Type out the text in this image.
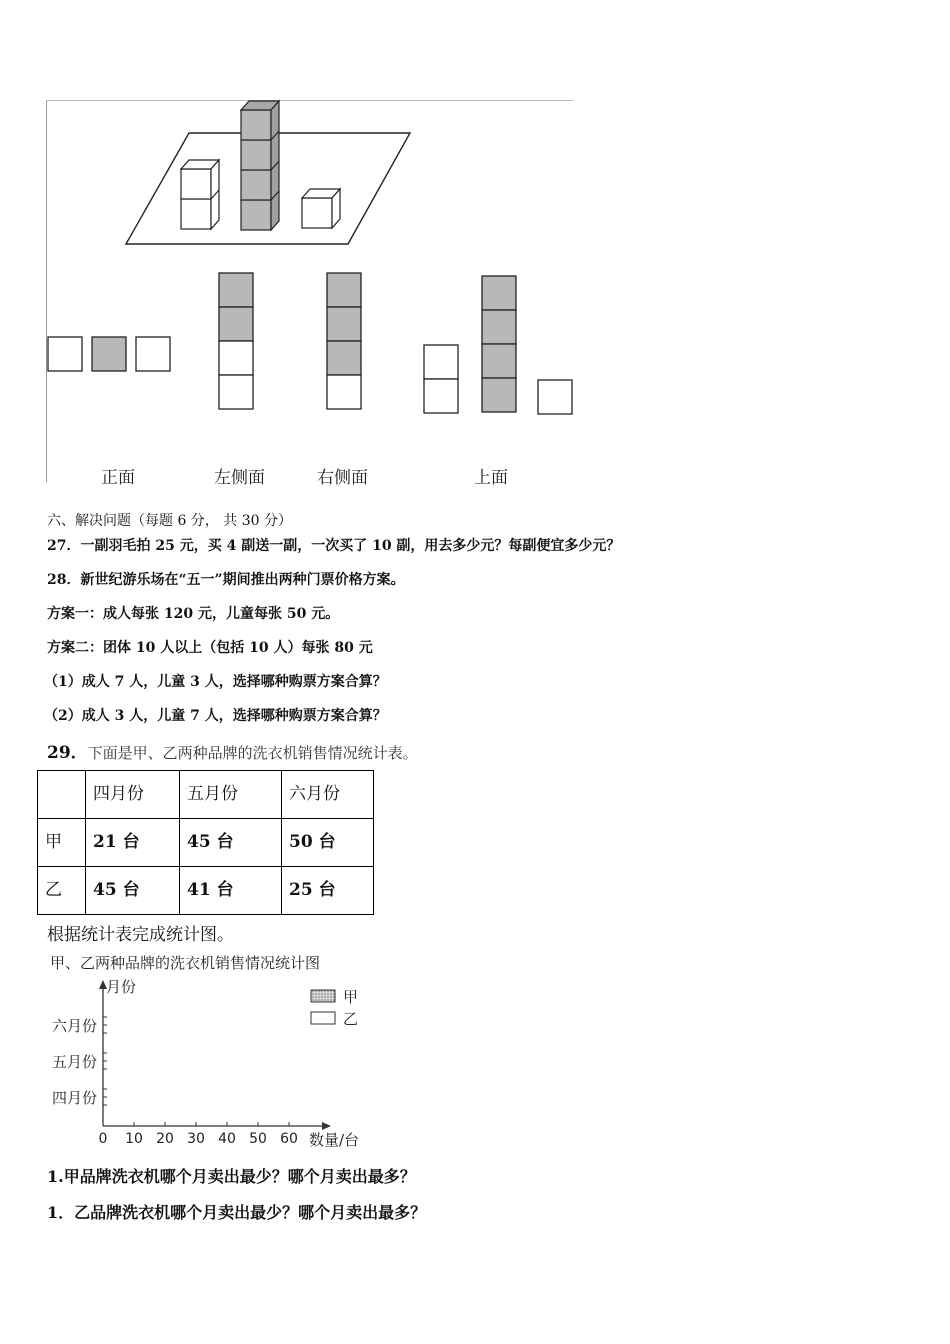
正面	左侧面	右侧面	上面
六、解决问题（每题 6 分， 共 30 分）
27．一副羽毛拍 25 元，买 4 副送一副，一次买了 10 副，用去多少元？每副便宜多少元？
28．新世纪游乐场在“五一”期间推出两种门票价格方案。
方案一：成人每张 120 元，儿童每张 50 元。
方案二：团体 10 人以上（包括 10 人）每张 80 元
（1）成人 7 人，儿童 3 人，选择哪种购票方案合算？
（2）成人 3 人，儿童 7 人，选择哪种购票方案合算？
29．下面是甲、乙两种品牌的洗衣机销售情况统计表。
	四月份	五月份	六月份
甲	21 台	45 台	50 台
乙	45 台	41 台	25 台
根据统计表完成统计图。
甲、乙两种品牌的洗衣机销售情况统计图
月份
数量/台
0 10 20 30 40 50 60
四月份
五月份
六月份
甲
乙
1.甲品牌洗衣机哪个月卖出最少？哪个月卖出最多？
1．乙品牌洗衣机哪个月卖出最少？哪个月卖出最多？
